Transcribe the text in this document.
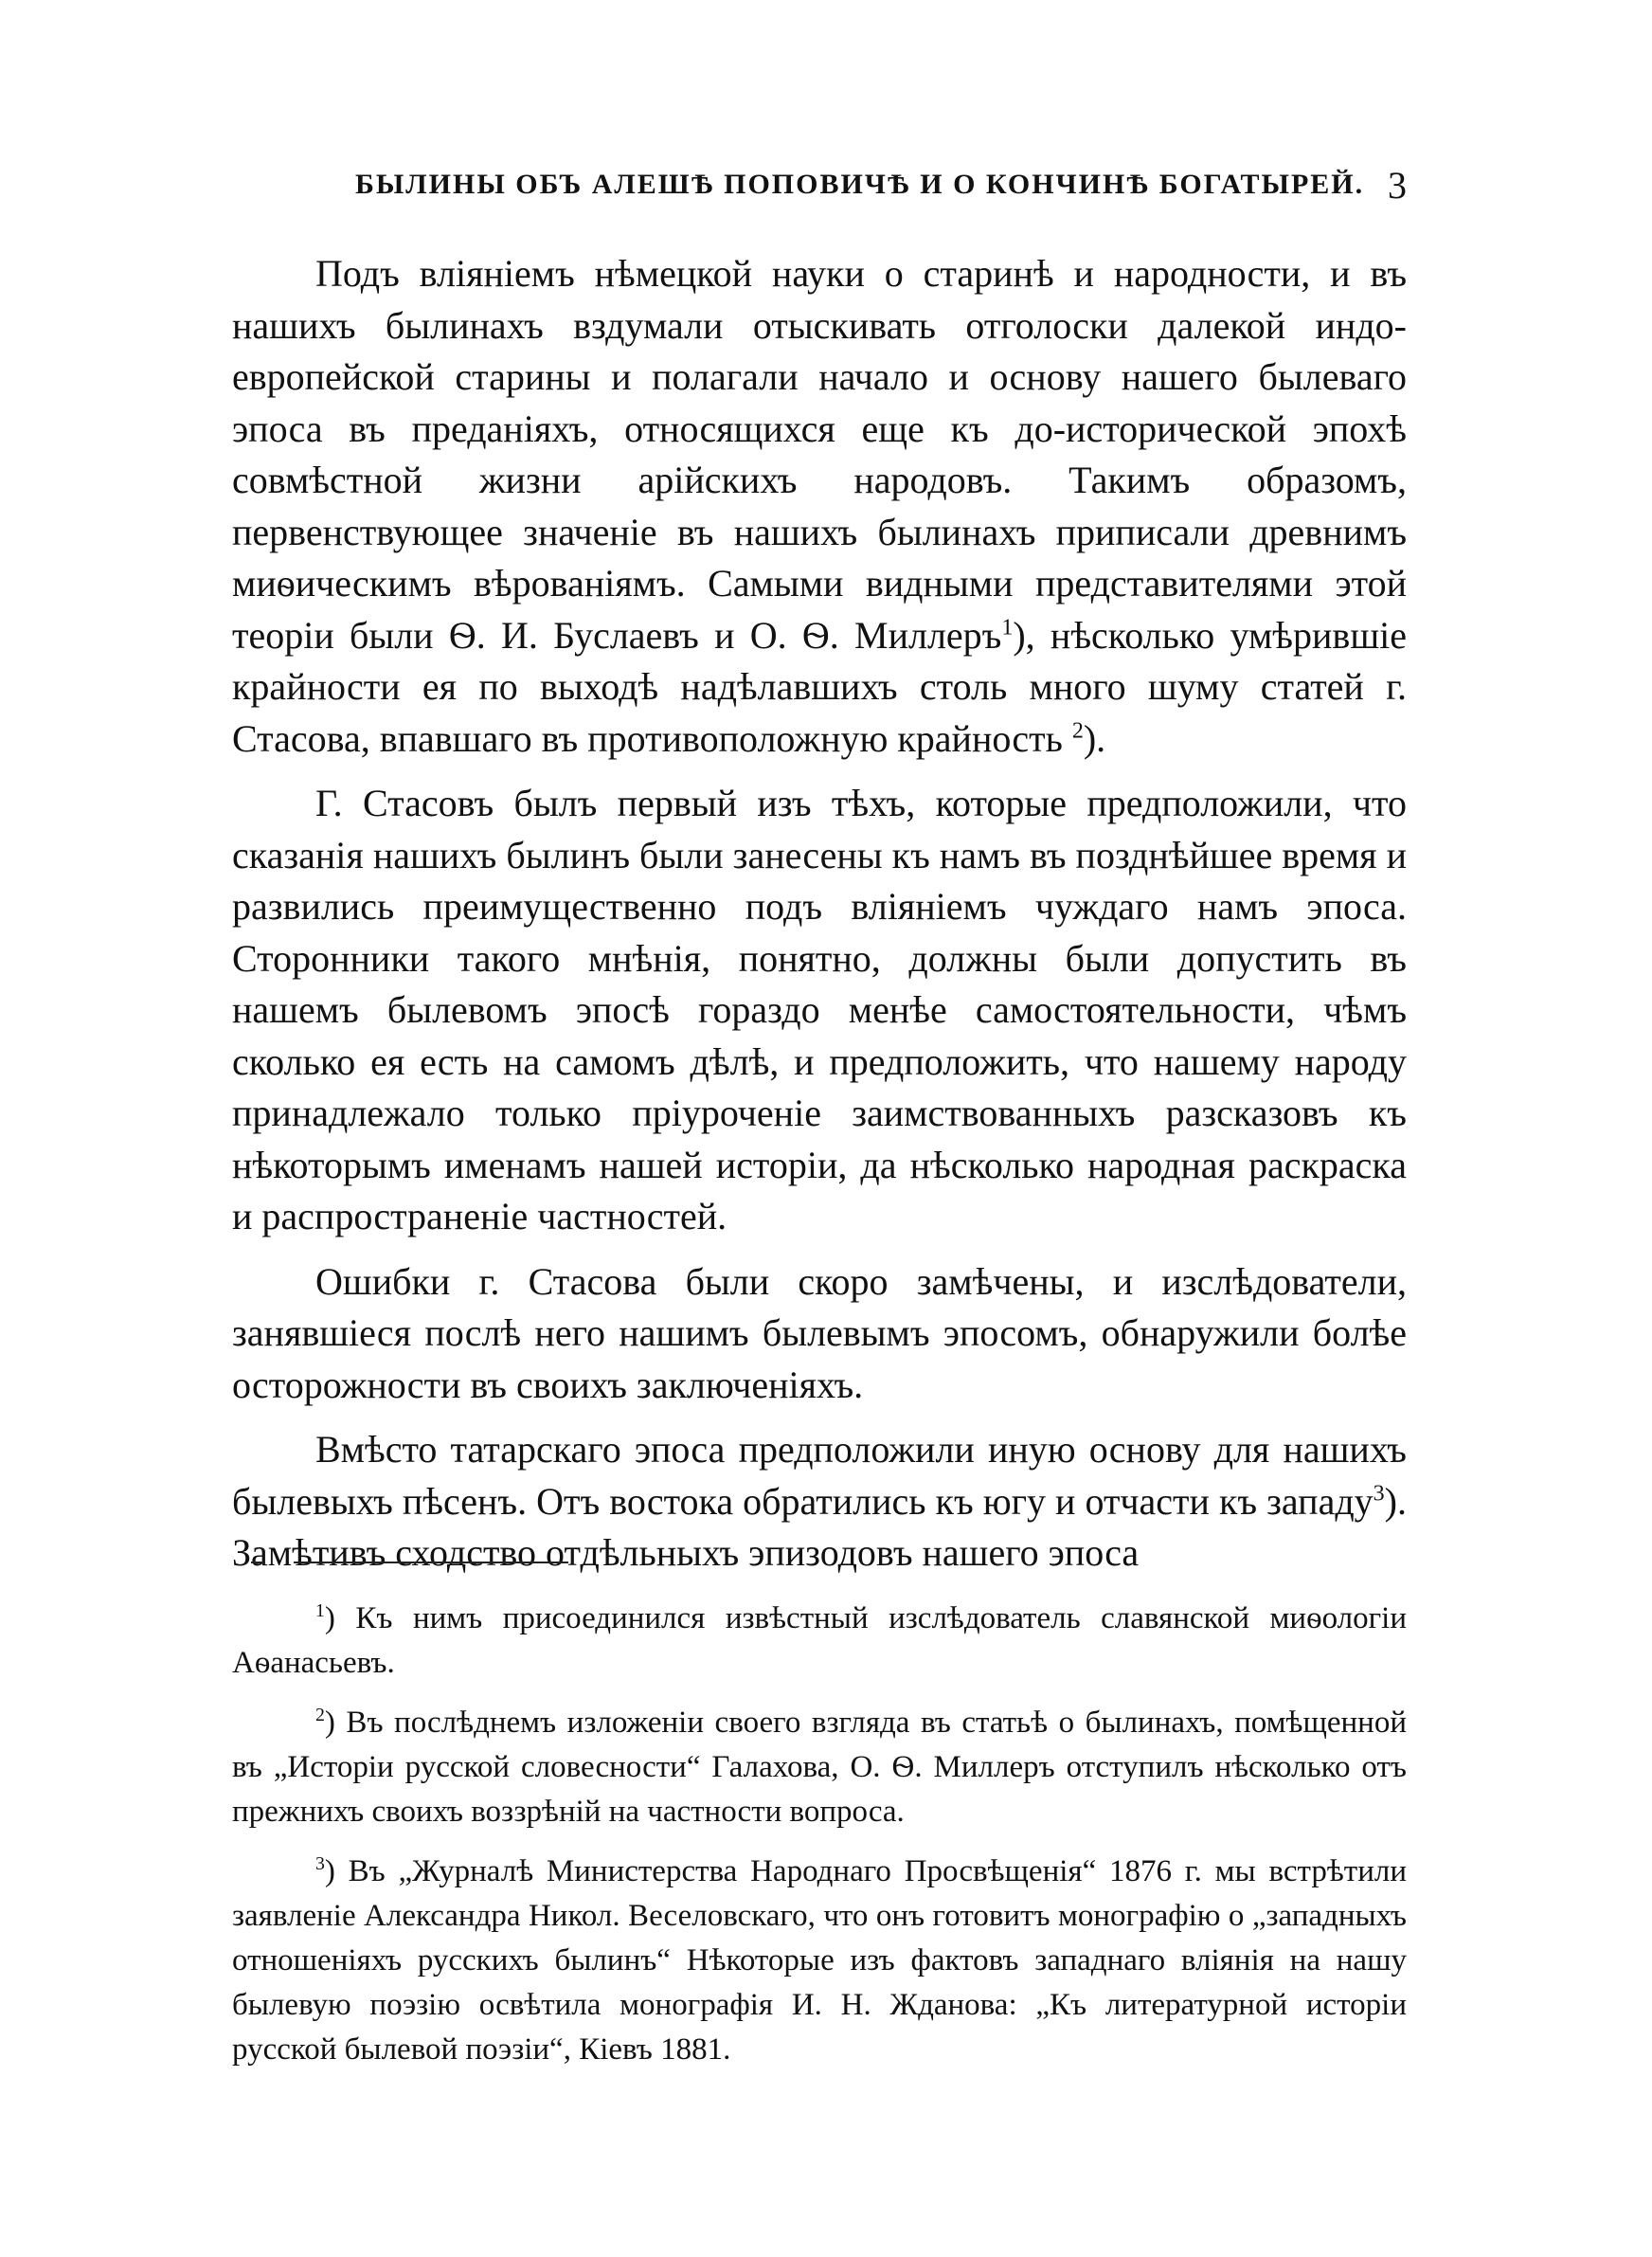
БЫЛИНЫ ОБЪ АЛЕШѢ ПОПОВИЧѢ И О КОНЧИНѢ БОГАТЫРЕЙ. 3

Подъ вліяніемъ нѣмецкой науки о старинѣ и народности, и въ нашихъ былинахъ вздумали отыскивать отголоски далекой индо-европейской старины и полагали начало и основу нашего былеваго эпоса въ преданіяхъ, относящихся еще къ до-исторической эпохѣ совмѣстной жизни арійскихъ народовъ. Такимъ образомъ, первенствующее значеніе въ нашихъ былинахъ приписали древнимъ миѳическимъ вѣрованіямъ. Самыми видными представителями этой теоріи были Ѳ. И. Буслаевъ и О. Ѳ. Миллеръ$^1$), нѣсколько умѣрившіе крайности ея по выходѣ надѣлавшихъ столь много шуму статей г. Стасова, впавшаго въ противоположную крайность $^2$).

Г. Стасовъ былъ первый изъ тѣхъ, которые предположили, что сказанія нашихъ былинъ были занесены къ намъ въ позднѣйшее время и развились преимущественно подъ вліяніемъ чуждаго намъ эпоса. Сторонники такого мнѣнія, понятно, должны были допустить въ нашемъ былевомъ эпосѣ гораздо менѣе самостоятельности, чѣмъ сколько ея есть на самомъ дѣлѣ, и предположить, что нашему народу принадлежало только пріуроченіе заимствованныхъ разсказовъ къ нѣкоторымъ именамъ нашей исторіи, да нѣсколько народная раскраска и распространеніе частностей.

Ошибки г. Стасова были скоро замѣчены, и изслѣдователи, занявшіеся послѣ него нашимъ былевымъ эпосомъ, обнаружили болѣе осторожности въ своихъ заключеніяхъ.

Вмѣсто татарскаго эпоса предположили иную основу для нашихъ былевыхъ пѣсенъ. Отъ востока обратились къ югу и отчасти къ западу$^3$). Замѣтивъ сходство отдѣльныхъ эпизодовъ нашего эпоса

$^1$) Къ нимъ присоединился извѣстный изслѣдователь славянской миѳологіи Аѳанасьевъ.

$^2$) Въ послѣднемъ изложеніи своего взгляда въ статьѣ о былинахъ, помѣщенной въ „Исторіи русской словесности“ Галахова, О. Ѳ. Миллеръ отступилъ нѣсколько отъ прежнихъ своихъ воззрѣній на частности вопроса.

$^3$) Въ „Журналѣ Министерства Народнаго Просвѣщенія“ 1876 г. мы встрѣтили заявленіе Александра Никол. Веселовскаго, что онъ готовитъ монографію о „западныхъ отношеніяхъ русскихъ былинъ“ Нѣкоторые изъ фактовъ западнаго вліянія на нашу былевую поэзію освѣтила монографія И. Н. Жданова: „Къ литературной исторіи русской былевой поэзіи“, Кіевъ 1881.
